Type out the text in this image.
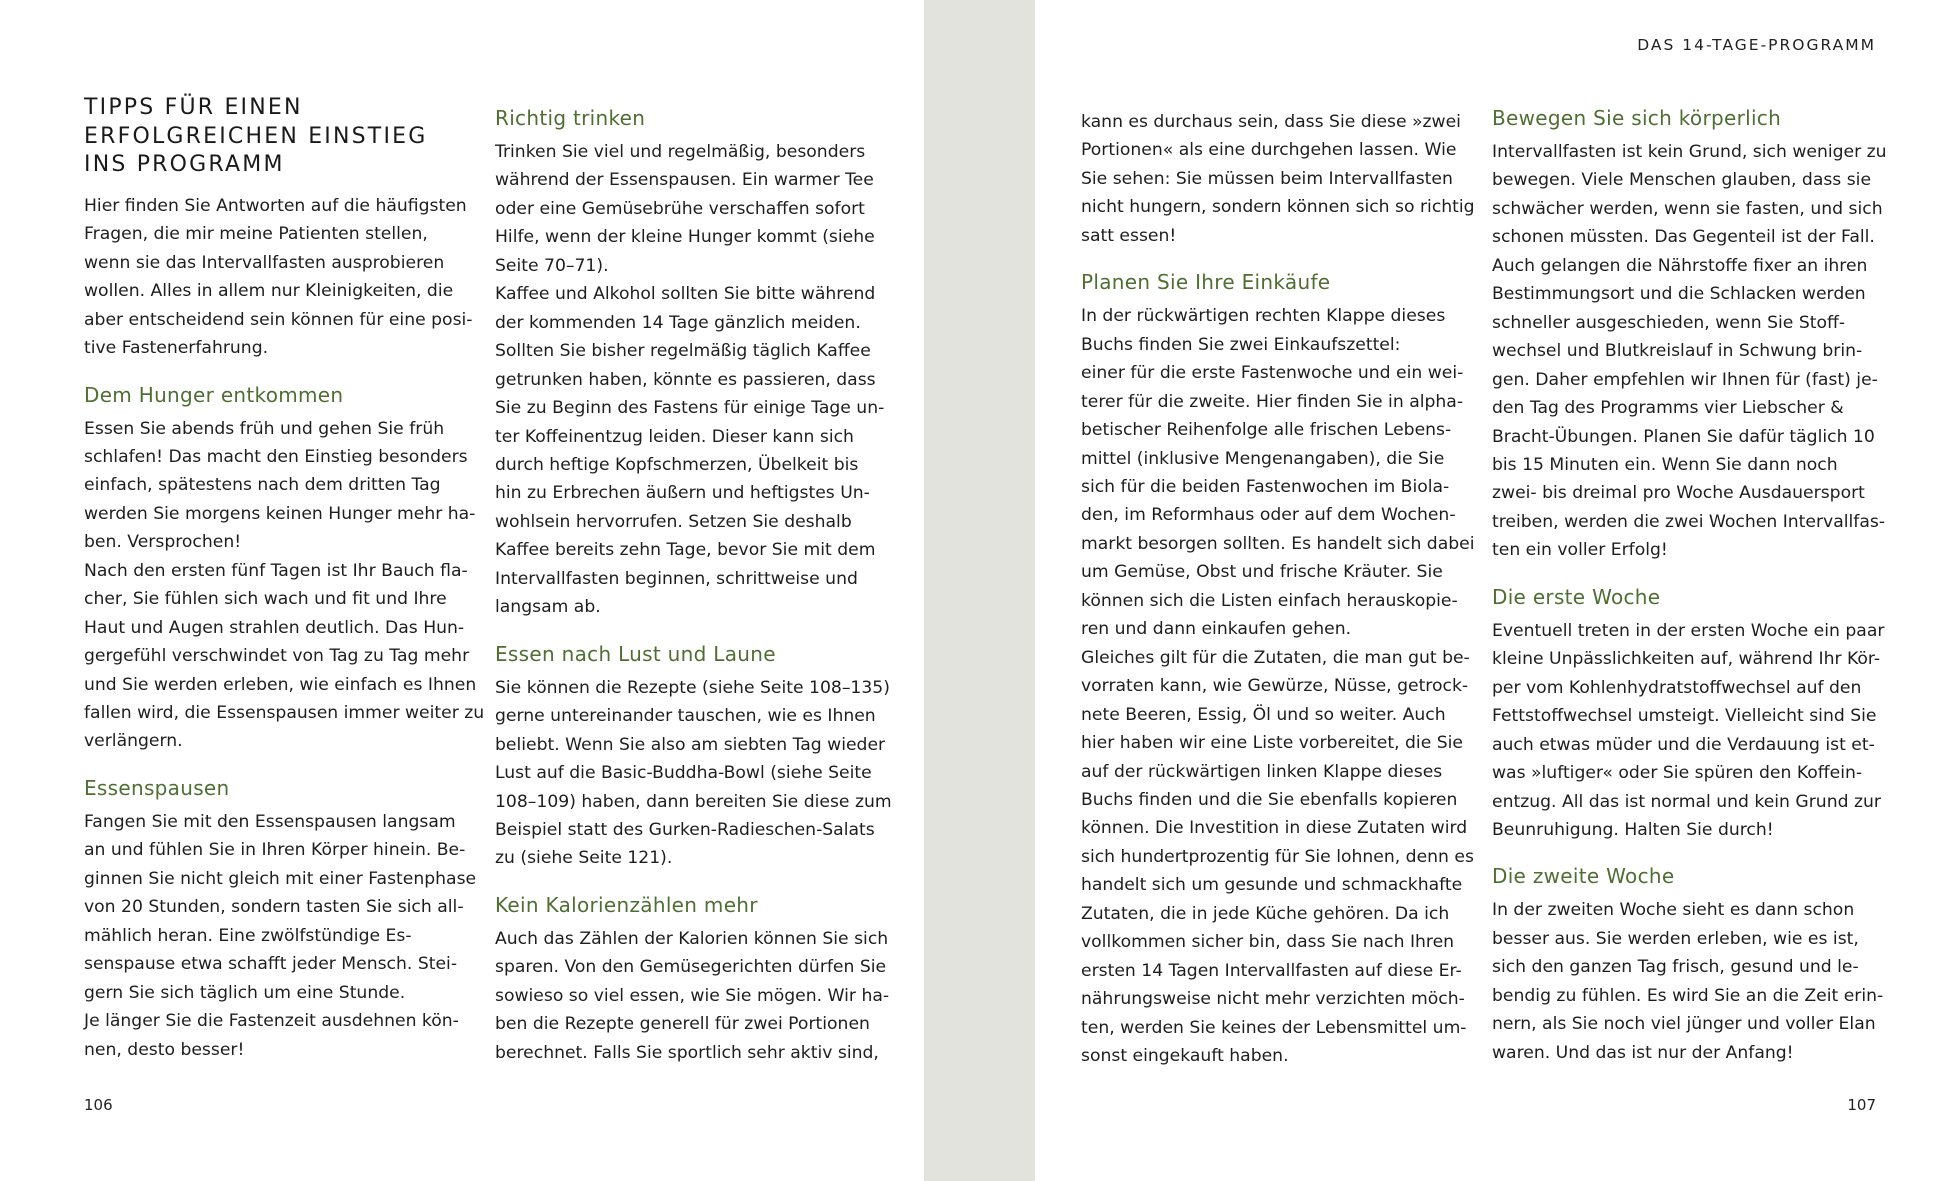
DAS 14-TAGE-PROGRAMM
TIPPS FÜR EINEN
ERFOLGREICHEN EINSTIEG
INS PROGRAMM
Hier finden Sie Antworten auf die häufigsten
Fragen, die mir meine Patienten stellen,
wenn sie das Intervallfasten ausprobieren
wollen. Alles in allem nur Kleinigkeiten, die
aber entscheidend sein können für eine posi-
tive Fastenerfahrung.
Dem Hunger entkommen
Essen Sie abends früh und gehen Sie früh
schlafen! Das macht den Einstieg besonders
einfach, spätestens nach dem dritten Tag
werden Sie morgens keinen Hunger mehr ha-
ben. Versprochen!
Nach den ersten fünf Tagen ist Ihr Bauch fla-
cher, Sie fühlen sich wach und fit und Ihre
Haut und Augen strahlen deutlich. Das Hun-
gergefühl verschwindet von Tag zu Tag mehr
und Sie werden erleben, wie einfach es Ihnen
fallen wird, die Essenspausen immer weiter zu
verlängern.
Essenspausen
Fangen Sie mit den Essenspausen langsam
an und fühlen Sie in Ihren Körper hinein. Be-
ginnen Sie nicht gleich mit einer Fastenphase
von 20 Stunden, sondern tasten Sie sich all-
mählich heran. Eine zwölfstündige Es-
senspause etwa schafft jeder Mensch. Stei-
gern Sie sich täglich um eine Stunde.
Je länger Sie die Fastenzeit ausdehnen kön-
nen, desto besser!
Richtig trinken
Trinken Sie viel und regelmäßig, besonders
während der Essenspausen. Ein warmer Tee
oder eine Gemüsebrühe verschaffen sofort
Hilfe, wenn der kleine Hunger kommt (siehe
Seite 70–71).
Kaffee und Alkohol sollten Sie bitte während
der kommenden 14 Tage gänzlich meiden.
Sollten Sie bisher regelmäßig täglich Kaffee
getrunken haben, könnte es passieren, dass
Sie zu Beginn des Fastens für einige Tage un-
ter Koffeinentzug leiden. Dieser kann sich
durch heftige Kopfschmerzen, Übelkeit bis
hin zu Erbrechen äußern und heftigstes Un-
wohlsein hervorrufen. Setzen Sie deshalb
Kaffee bereits zehn Tage, bevor Sie mit dem
Intervallfasten beginnen, schrittweise und
langsam ab.
Essen nach Lust und Laune
Sie können die Rezepte (siehe Seite 108–135)
gerne untereinander tauschen, wie es Ihnen
beliebt. Wenn Sie also am siebten Tag wieder
Lust auf die Basic-Buddha-Bowl (siehe Seite
108–109) haben, dann bereiten Sie diese zum
Beispiel statt des Gurken-Radieschen-Salats
zu (siehe Seite 121).
Kein Kalorienzählen mehr
Auch das Zählen der Kalorien können Sie sich
sparen. Von den Gemüsegerichten dürfen Sie
sowieso so viel essen, wie Sie mögen. Wir ha-
ben die Rezepte generell für zwei Portionen
berechnet. Falls Sie sportlich sehr aktiv sind,
kann es durchaus sein, dass Sie diese »zwei
Portionen« als eine durchgehen lassen. Wie
Sie sehen: Sie müssen beim Intervallfasten
nicht hungern, sondern können sich so richtig
satt essen!
Planen Sie Ihre Einkäufe
In der rückwärtigen rechten Klappe dieses
Buchs finden Sie zwei Einkaufszettel:
einer für die erste Fastenwoche und ein wei-
terer für die zweite. Hier finden Sie in alpha-
betischer Reihenfolge alle frischen Lebens-
mittel (inklusive Mengenangaben), die Sie
sich für die beiden Fastenwochen im Biola-
den, im Reformhaus oder auf dem Wochen-
markt besorgen sollten. Es handelt sich dabei
um Gemüse, Obst und frische Kräuter. Sie
können sich die Listen einfach herauskopie-
ren und dann einkaufen gehen.
Gleiches gilt für die Zutaten, die man gut be-
vorraten kann, wie Gewürze, Nüsse, getrock-
nete Beeren, Essig, Öl und so weiter. Auch
hier haben wir eine Liste vorbereitet, die Sie
auf der rückwärtigen linken Klappe dieses
Buchs finden und die Sie ebenfalls kopieren
können. Die Investition in diese Zutaten wird
sich hundertprozentig für Sie lohnen, denn es
handelt sich um gesunde und schmackhafte
Zutaten, die in jede Küche gehören. Da ich
vollkommen sicher bin, dass Sie nach Ihren
ersten 14 Tagen Intervallfasten auf diese Er-
nährungsweise nicht mehr verzichten möch-
ten, werden Sie keines der Lebensmittel um-
sonst eingekauft haben.
Bewegen Sie sich körperlich
Intervallfasten ist kein Grund, sich weniger zu
bewegen. Viele Menschen glauben, dass sie
schwächer werden, wenn sie fasten, und sich
schonen müssten. Das Gegenteil ist der Fall.
Auch gelangen die Nährstoffe fixer an ihren
Bestimmungsort und die Schlacken werden
schneller ausgeschieden, wenn Sie Stoff-
wechsel und Blutkreislauf in Schwung brin-
gen. Daher empfehlen wir Ihnen für (fast) je-
den Tag des Programms vier Liebscher &
Bracht-Übungen. Planen Sie dafür täglich 10
bis 15 Minuten ein. Wenn Sie dann noch
zwei- bis dreimal pro Woche Ausdauersport
treiben, werden die zwei Wochen Intervallfas-
ten ein voller Erfolg!
Die erste Woche
Eventuell treten in der ersten Woche ein paar
kleine Unpässlichkeiten auf, während Ihr Kör-
per vom Kohlenhydratstoffwechsel auf den
Fettstoffwechsel umsteigt. Vielleicht sind Sie
auch etwas müder und die Verdauung ist et-
was »luftiger« oder Sie spüren den Koffein-
entzug. All das ist normal und kein Grund zur
Beunruhigung. Halten Sie durch!
Die zweite Woche
In der zweiten Woche sieht es dann schon
besser aus. Sie werden erleben, wie es ist,
sich den ganzen Tag frisch, gesund und le-
bendig zu fühlen. Es wird Sie an die Zeit erin-
nern, als Sie noch viel jünger und voller Elan
waren. Und das ist nur der Anfang!
106	107
